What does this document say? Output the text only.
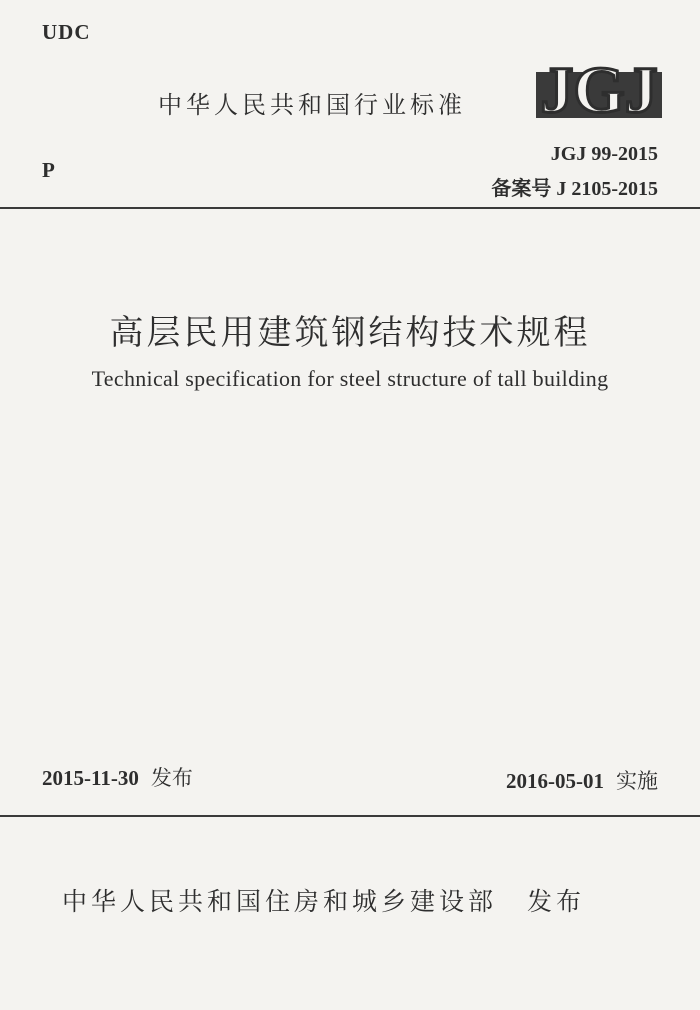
UDC
中华人民共和国行业标准 JGJ
P
JGJ 99-2015
备案号 J 2105-2015
高层民用建筑钢结构技术规程
Technical specification for steel structure of tall building
2015-11-30 发布	2016-05-01 实施
中华人民共和国住房和城乡建设部 发布
